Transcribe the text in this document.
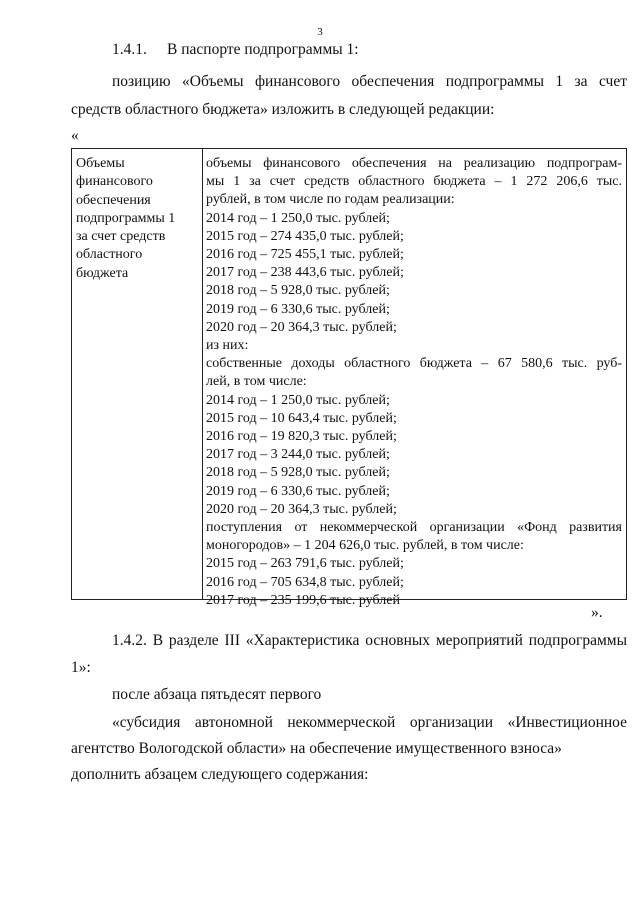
3
1.4.1. В паспорте подпрограммы 1:
позицию «Объемы финансового обеспечения подпрограммы 1 за счет
средств областного бюджета» изложить в следующей редакции:
«
Объемы
финансового
обеспечения
подпрограммы 1
за счет средств
областного
бюджета
объемы финансового обеспечения на реализацию подпрограм-
мы 1 за счет средств областного бюджета – 1 272 206,6 тыс.
рублей, в том числе по годам реализации:
2014 год – 1 250,0 тыс. рублей;
2015 год – 274 435,0 тыс. рублей;
2016 год – 725 455,1 тыс. рублей;
2017 год – 238 443,6 тыс. рублей;
2018 год – 5 928,0 тыс. рублей;
2019 год – 6 330,6 тыс. рублей;
2020 год – 20 364,3 тыс. рублей;
из них:
собственные доходы областного бюджета – 67 580,6 тыс. руб-
лей, в том числе:
2014 год – 1 250,0 тыс. рублей;
2015 год – 10 643,4 тыс. рублей;
2016 год – 19 820,3 тыс. рублей;
2017 год – 3 244,0 тыс. рублей;
2018 год – 5 928,0 тыс. рублей;
2019 год – 6 330,6 тыс. рублей;
2020 год – 20 364,3 тыс. рублей;
поступления от некоммерческой организации «Фонд развития
моногородов» – 1 204 626,0 тыс. рублей, в том числе:
2015 год – 263 791,6 тыс. рублей;
2016 год – 705 634,8 тыс. рублей;
2017 год – 235 199,6 тыс. рублей
».
1.4.2. В разделе III «Характеристика основных мероприятий подпрограммы
1»:
после абзаца пятьдесят первого
«субсидия автономной некоммерческой организации «Инвестиционное
агентство Вологодской области» на обеспечение имущественного взноса»
дополнить абзацем следующего содержания:
